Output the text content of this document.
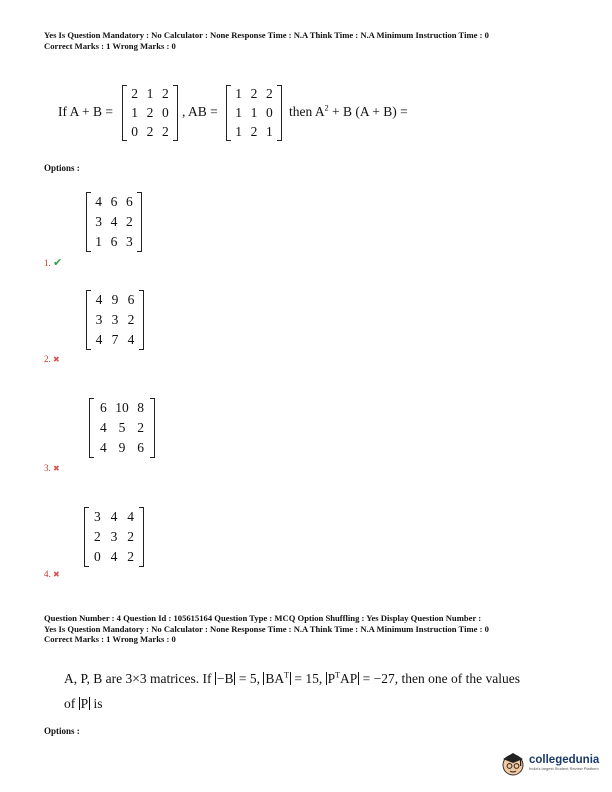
Yes Is Question Mandatory : No Calculator : None Response Time : N.A Think Time : N.A Minimum Instruction Time : 0
Correct Marks : 1 Wrong Marks : 0
If A + B =
2 1 2
1 2 0
0 2 2
, AB =
1 2 2
1 1 0
1 2 1
then $A^2 + B$ (A + B) =
Options :
4 6 6
3 4 2
1 6 3
4 9 6
3 3 2
4 7 4
6 10 8
4 5 2
4 9 6
3 4 4
2 3 2
0 4 2
1. ✔
2. ✖
3. ✖
4. ✖
Question Number : 4 Question Id : 105615164 Question Type : MCQ Option Shuffling : Yes Display Question Number :
Yes Is Question Mandatory : No Calculator : None Response Time : N.A Think Time : N.A Minimum Instruction Time : 0
Correct Marks : 1 Wrong Marks : 0
A, P, B are 3×3 matrices. If −B = 5, $BA^T = 15$, $P^TAP = -27$, then one of the values
of P is
Options :
collegedunia
India's largest Student Review Platform
